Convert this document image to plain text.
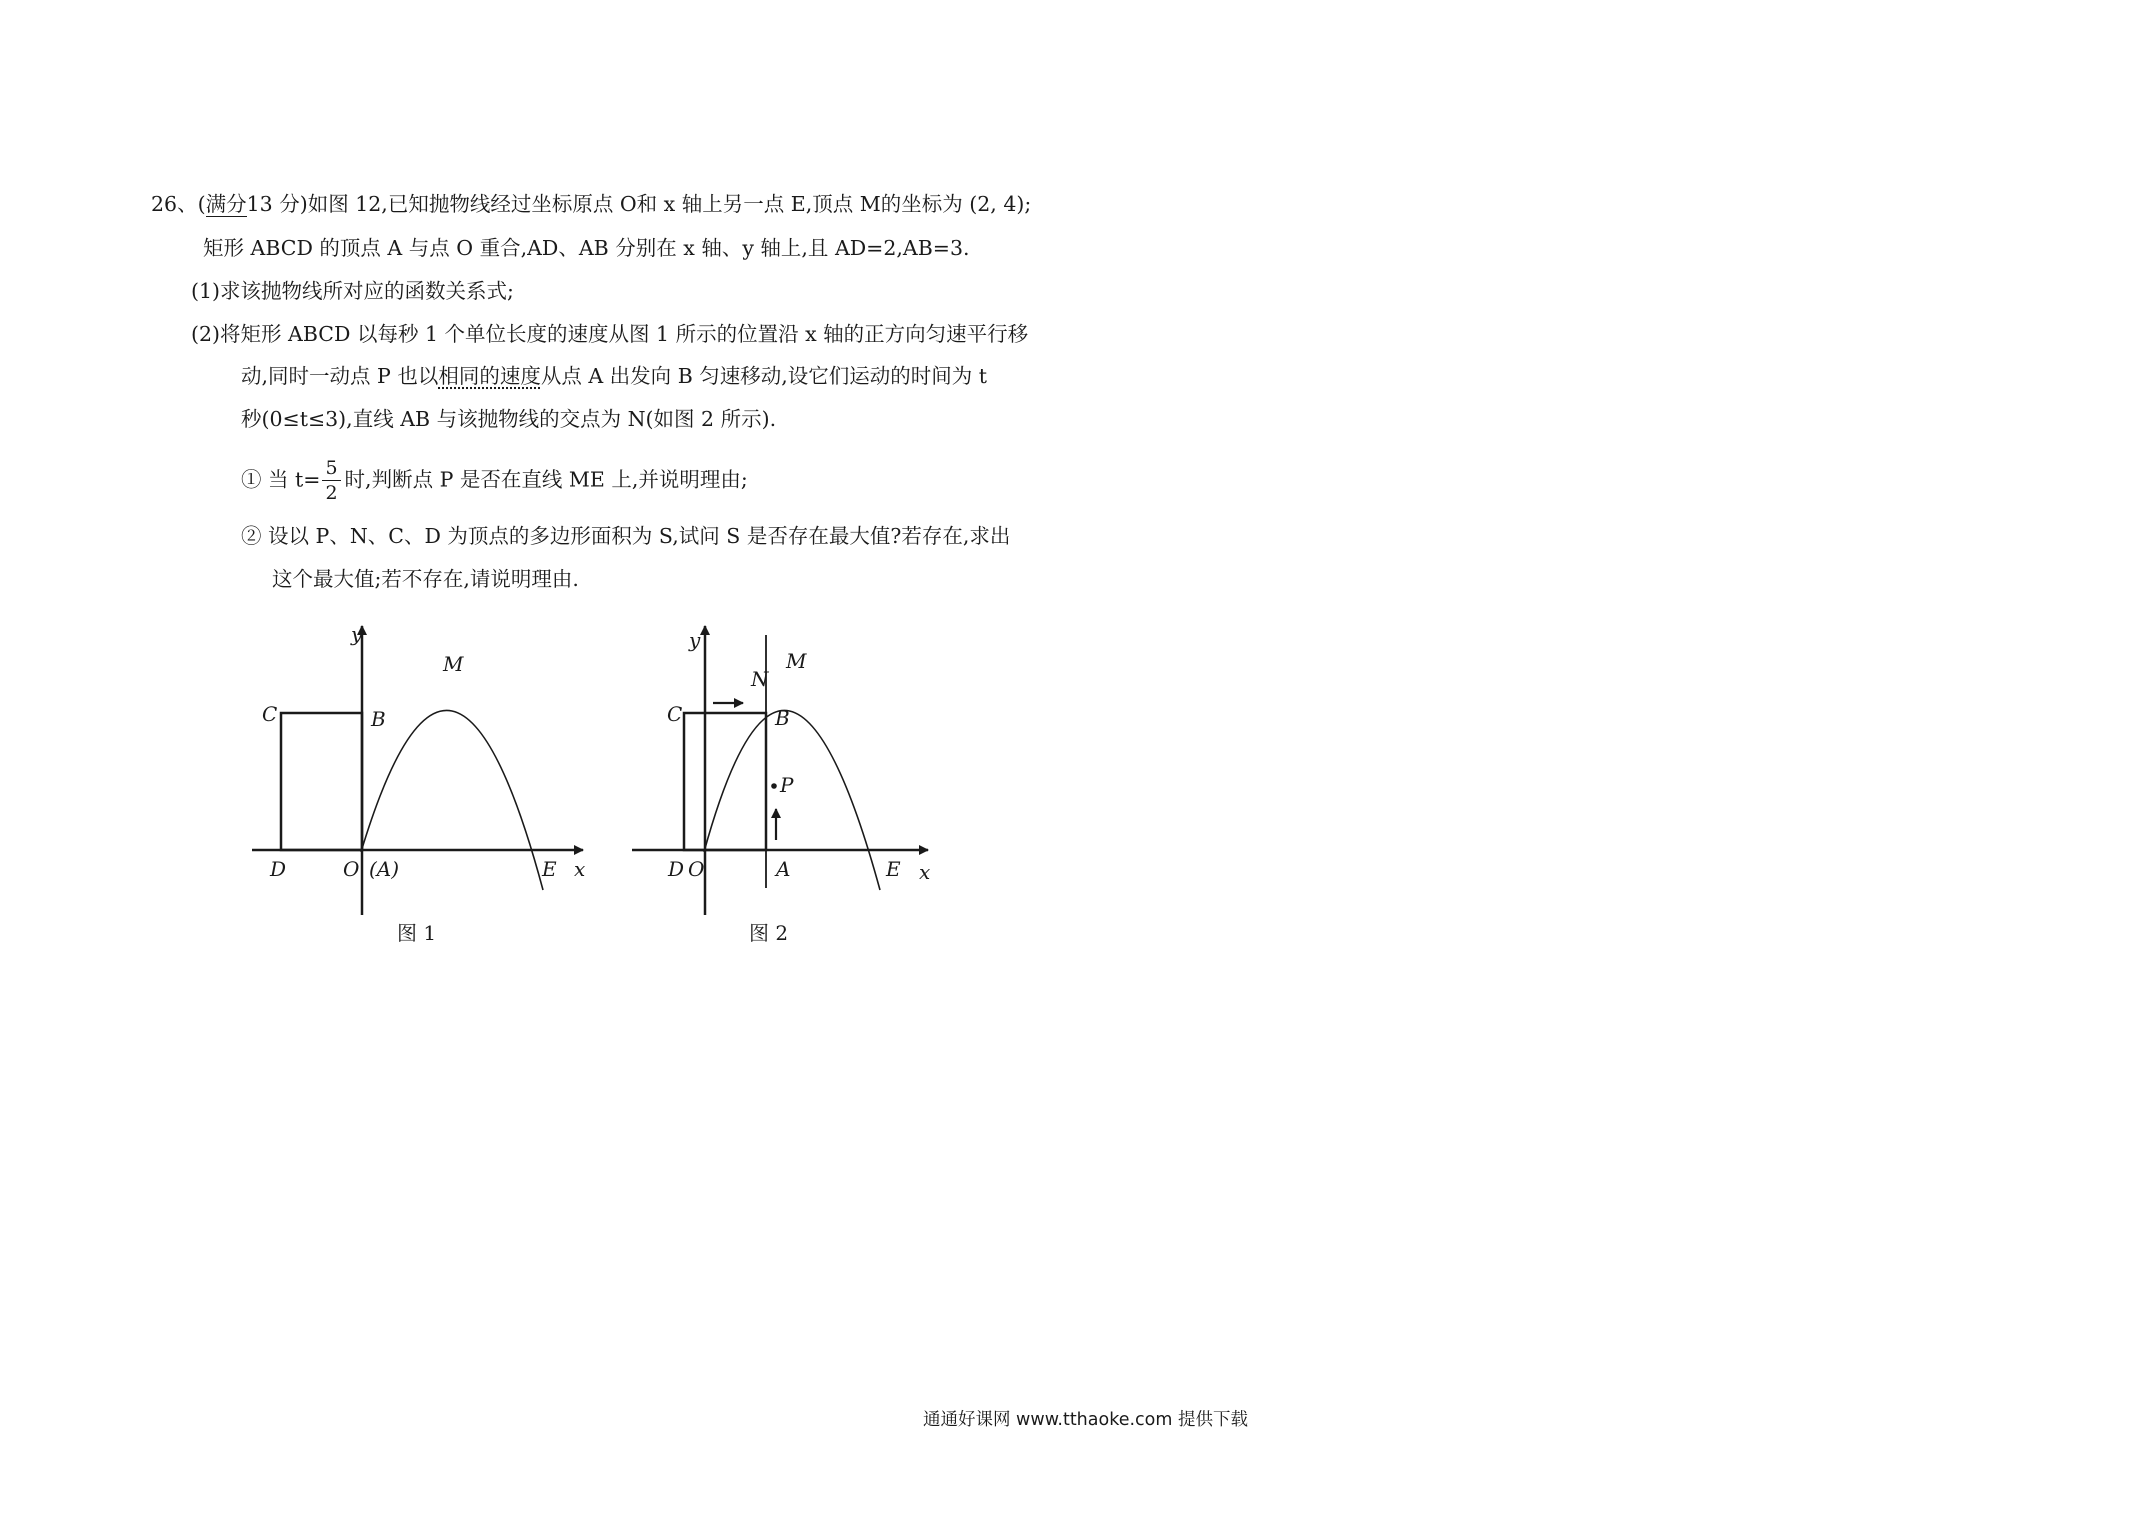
26、(满分13 分)如图 12,已知抛物线经过坐标原点 O和 x 轴上另一点 E,顶点 M的坐标为 (2, 4);
矩形 ABCD 的顶点 A 与点 O 重合,AD、AB 分别在 x 轴、y 轴上,且 AD=2,AB=3.
(1)求该抛物线所对应的函数关系式;
(2)将矩形 ABCD 以每秒 1 个单位长度的速度从图 1 所示的位置沿 x 轴的正方向匀速平行移
动,同时一动点 P 也以相同的速度从点 A 出发向 B 匀速移动,设它们运动的时间为 t
秒(0≤t≤3),直线 AB 与该抛物线的交点为 N(如图 2 所示).
① 当 $t= \frac{5}{2}$ 时,判断点 P 是否在直线 ME 上,并说明理由;
② 设以 P、N、C、D 为顶点的多边形面积为 S,试问 S 是否存在最大值?若存在,求出
这个最大值;若不存在,请说明理由.
y
M
C	B
D	O (A)	E x
图 1
y
N
M
C	B
P
D O	A	E x
图 2
通通好课网 www.tthaoke.com 提供下载
